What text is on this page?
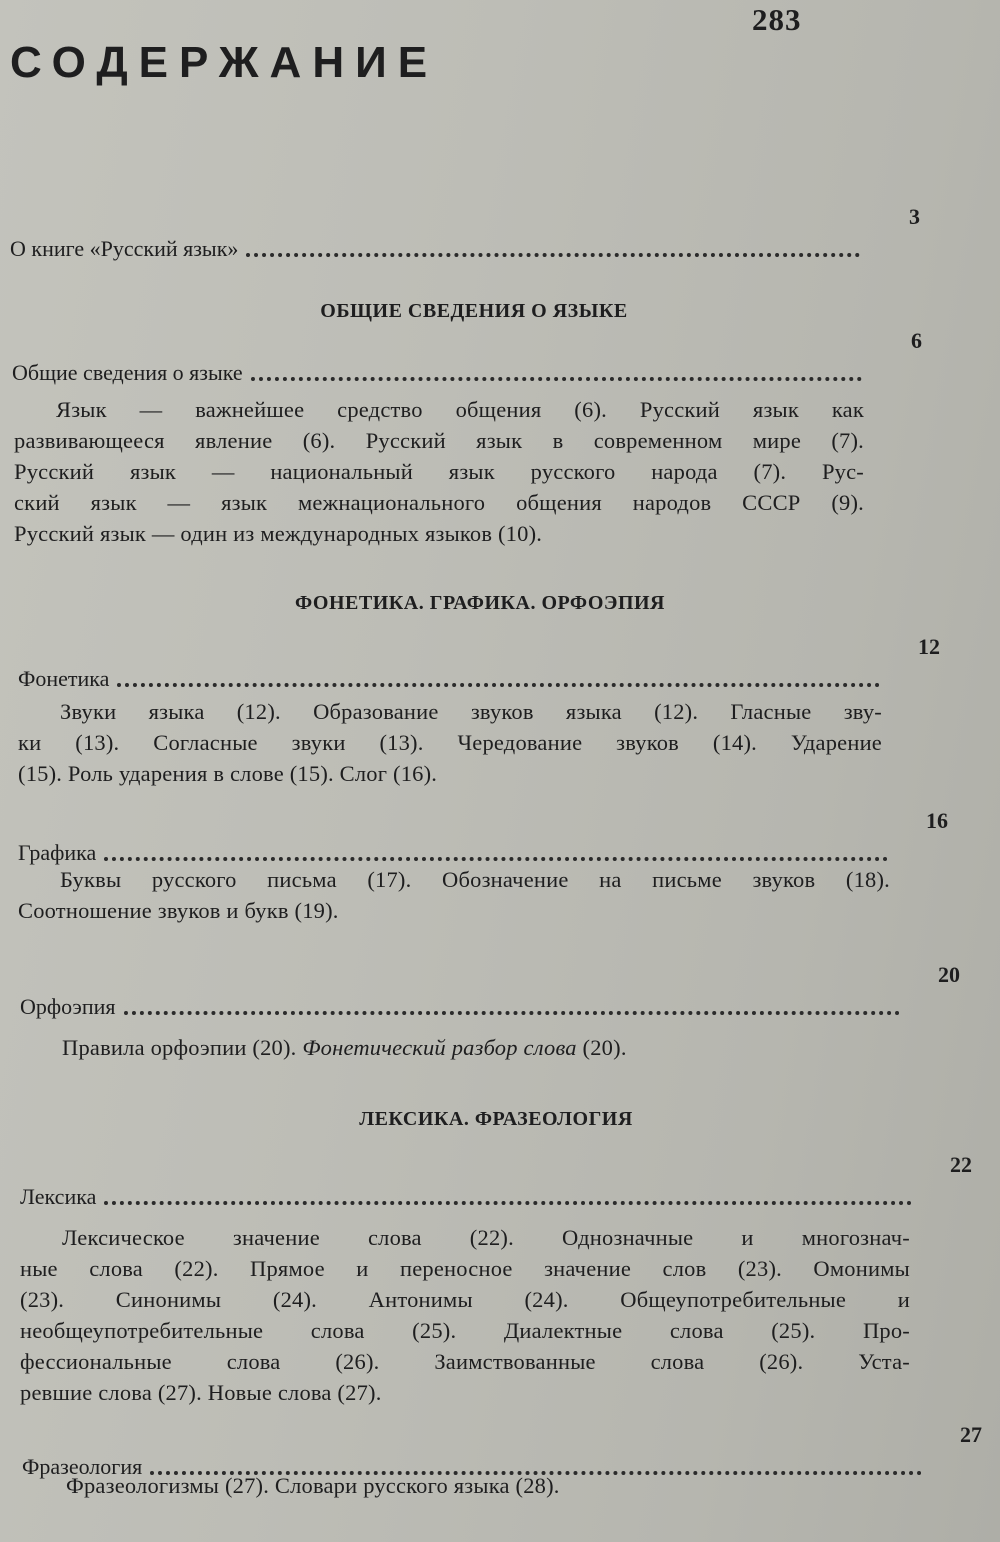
283
СОДЕРЖАНИЕ
О книге «Русский язык»
3
ОБЩИЕ СВЕДЕНИЯ О ЯЗЫКЕ
Общие сведения о языке
6
Язык — важнейшее средство общения (6). Русский язык как
развивающееся явление (6). Русский язык в современном мире (7).
Русский язык — национальный язык русского народа (7). Рус-
ский язык — язык межнационального общения народов СССР (9).
Русский язык — один из международных языков (10).
ФОНЕТИКА. ГРАФИКА. ОРФОЭПИЯ
Фонетика
12
Звуки языка (12). Образование звуков языка (12). Гласные зву-
ки (13). Согласные звуки (13). Чередование звуков (14). Ударение
(15). Роль ударения в слове (15). Слог (16).
Графика
16
Буквы русского письма (17). Обозначение на письме звуков (18).
Соотношение звуков и букв (19).
Орфоэпия
20
Правила орфоэпии (20). Фонетический разбор слова (20).
ЛЕКСИКА. ФРАЗЕОЛОГИЯ
Лексика
22
Лексическое значение слова (22). Однозначные и многознач-
ные слова (22). Прямое и переносное значение слов (23). Омонимы
(23). Синонимы (24). Антонимы (24). Общеупотребительные и
необщеупотребительные слова (25). Диалектные слова (25). Про-
фессиональные слова (26). Заимствованные слова (26). Уста-
ревшие слова (27). Новые слова (27).
Фразеология
27
Фразеологизмы (27). Словари русского языка (28).
